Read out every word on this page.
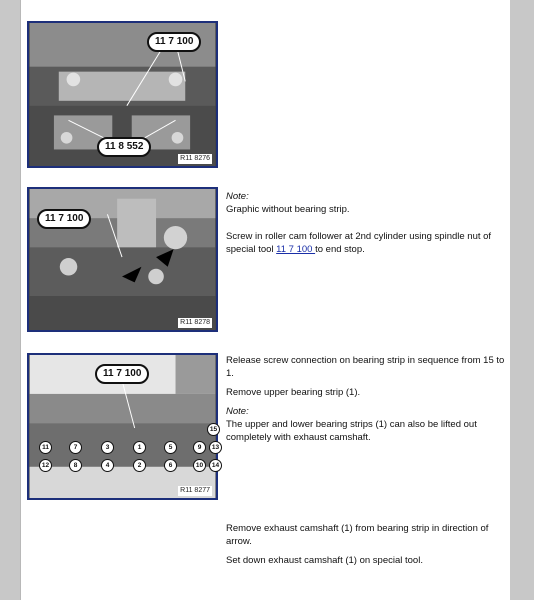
11 7 100
11 8 552
R11 8276
11 7 100
R11 8278
11 7 100
11	7	3	1	5	9	13
12	8	4	2	6	10	14
15
R11 8277

Note:

Graphic without bearing strip.

Screw in roller cam follower at 2nd cylinder using spindle nut of special tool 11 7 100 to end stop.

Release screw connection on bearing strip in sequence from 15 to 1.

Remove upper bearing strip (1).

Note:

The upper and lower bearing strips (1) can also be lifted out completely with exhaust camshaft.

Remove exhaust camshaft (1) from bearing strip in direction of arrow.

Set down exhaust camshaft (1) on special tool.
